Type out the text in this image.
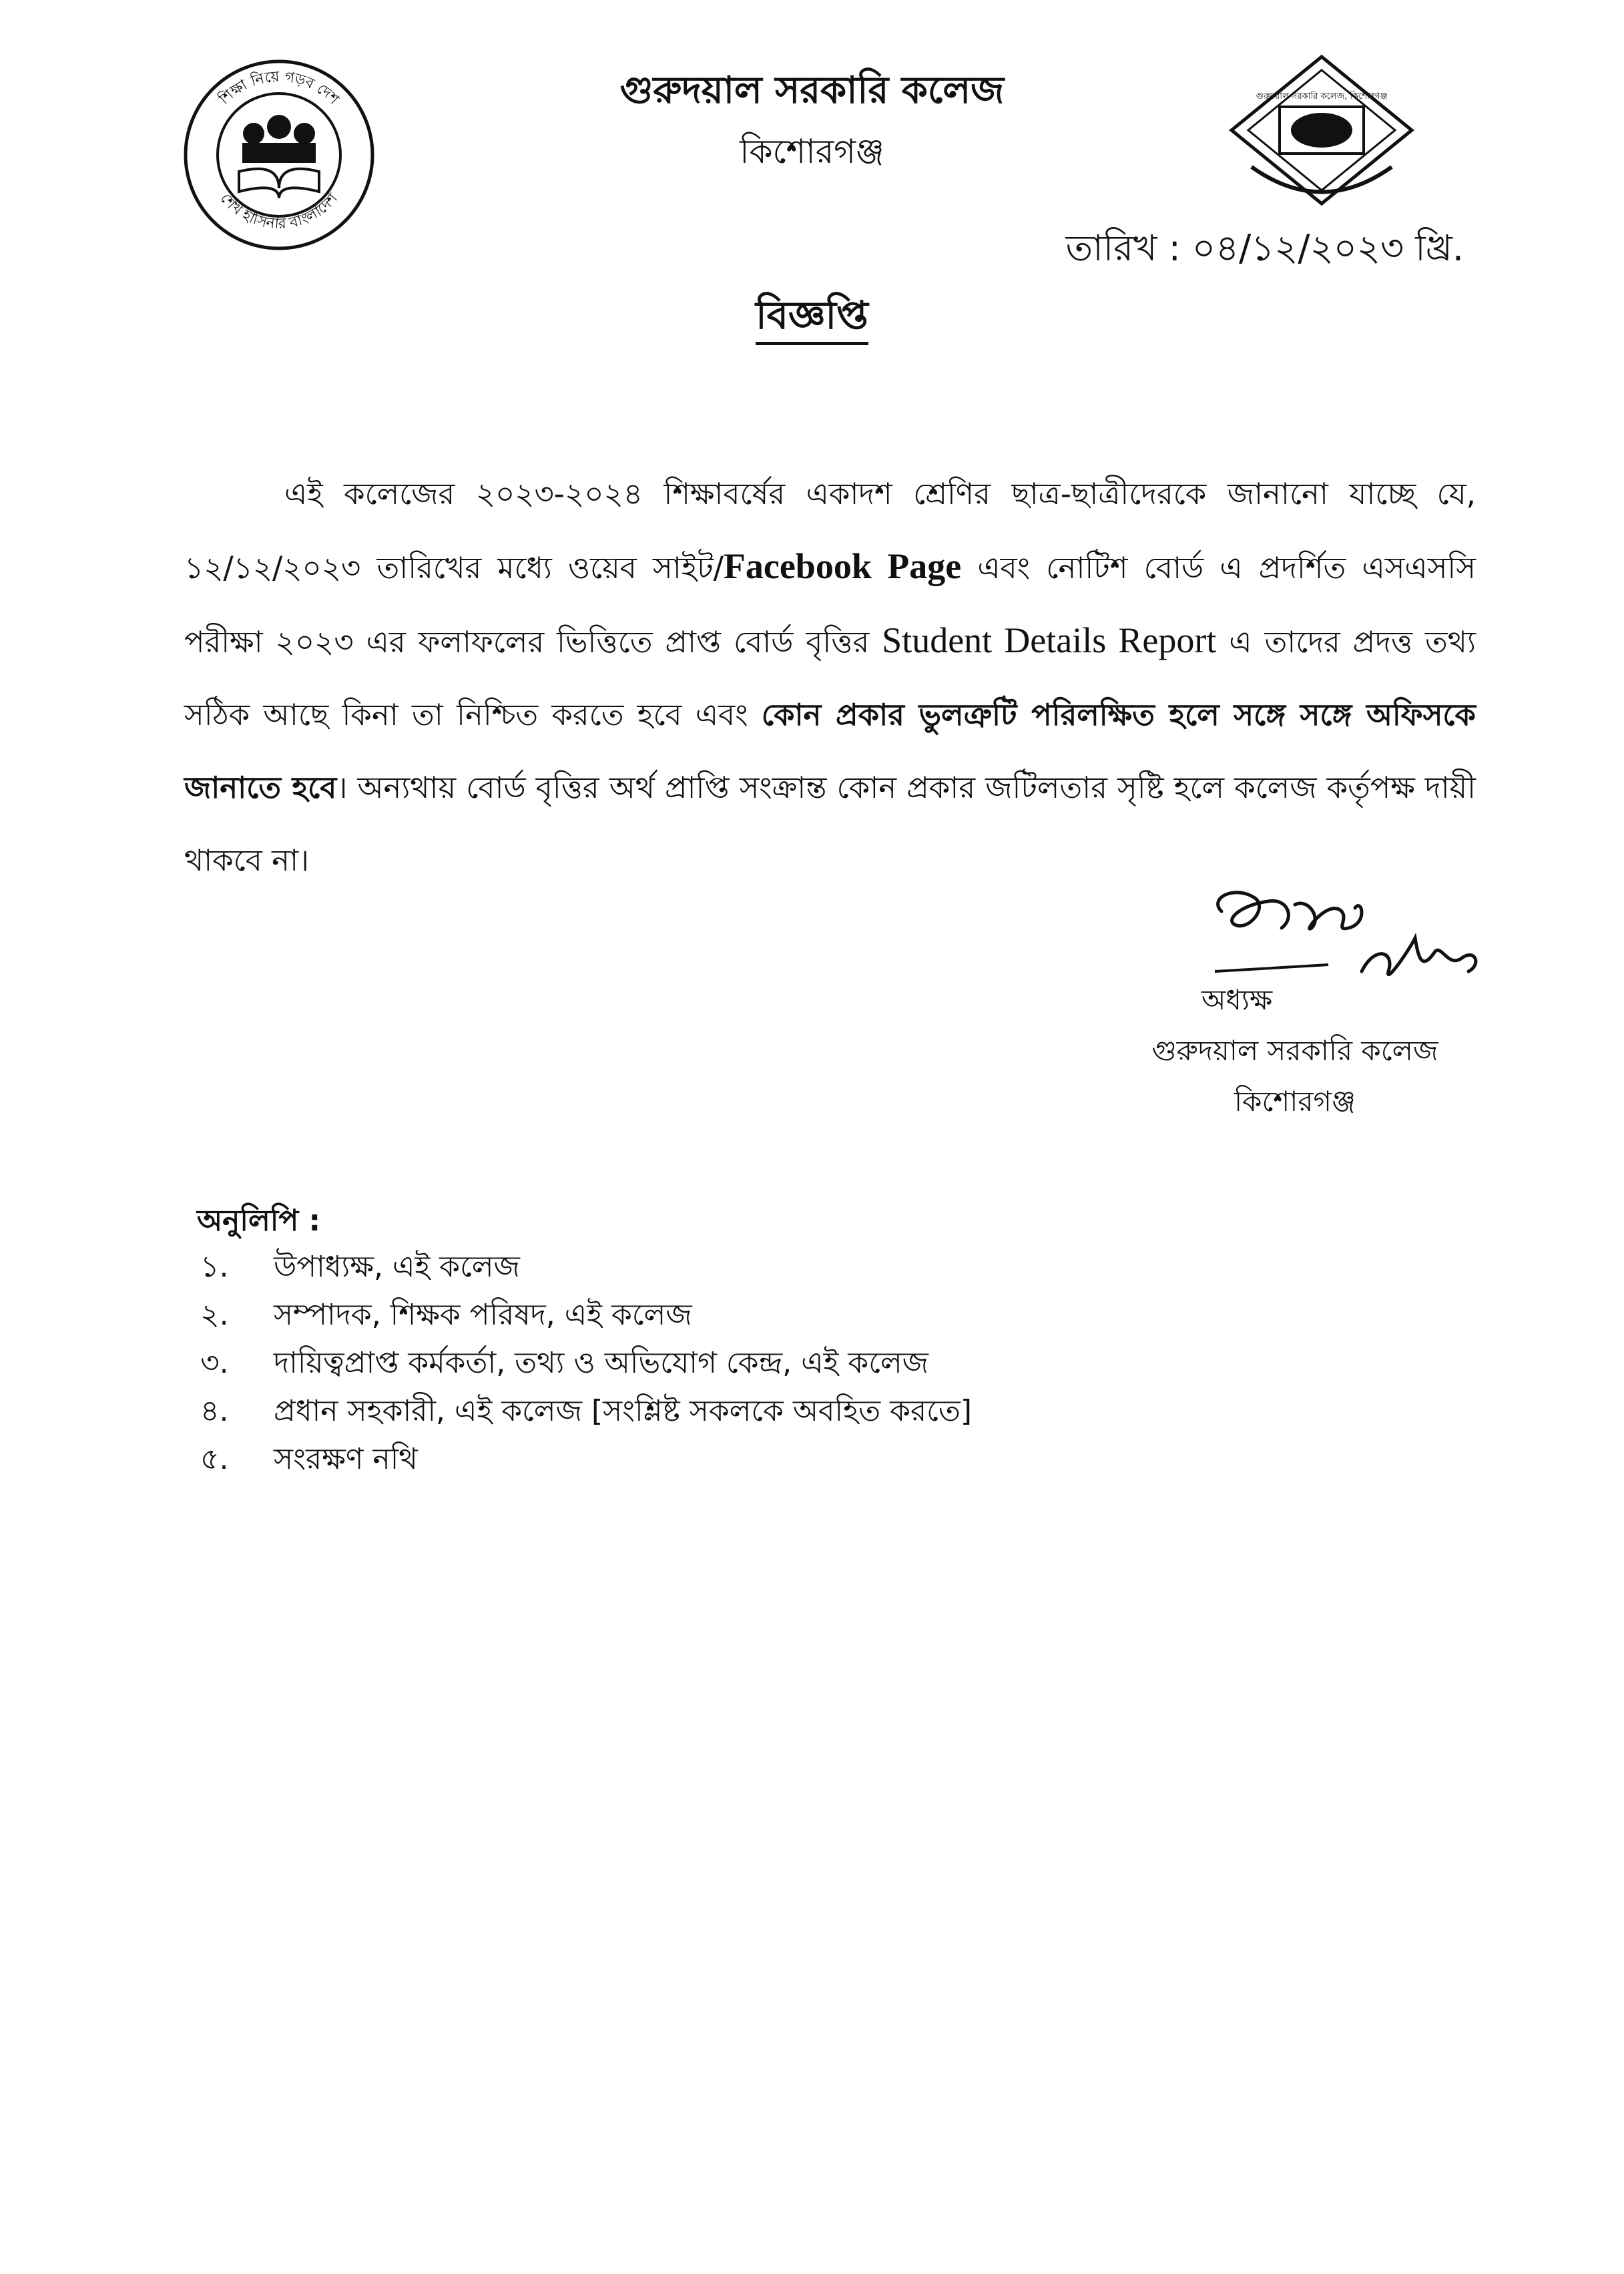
শিক্ষা নিয়ে গড়ব দেশ
শেখ হাসিনার বাংলাদেশ
গুরুদয়াল সরকারি কলেজ
কিশোরগঞ্জ
গুরুদয়াল সরকারি কলেজ, কিশোরগঞ্জ
তারিখ : ০৪/১২/২০২৩ খ্রি.
বিজ্ঞপ্তি
এই কলেজের ২০২৩-২০২৪ শিক্ষাবর্ষের একাদশ শ্রেণির ছাত্র-ছাত্রীদেরকে জানানো যাচ্ছে যে, ১২/১২/২০২৩ তারিখের মধ্যে ওয়েব সাইট/Facebook Page এবং নোটিশ বোর্ড এ প্রদর্শিত এসএসসি পরীক্ষা ২০২৩ এর ফলাফলের ভিত্তিতে প্রাপ্ত বোর্ড বৃত্তির Student Details Report এ তাদের প্রদত্ত তথ্য সঠিক আছে কিনা তা নিশ্চিত করতে হবে এবং কোন প্রকার ভুলত্রুটি পরিলক্ষিত হলে সঙ্গে সঙ্গে অফিসকে জানাতে হবে। অন্যথায় বোর্ড বৃত্তির অর্থ প্রাপ্তি সংক্রান্ত কোন প্রকার জটিলতার সৃষ্টি হলে কলেজ কর্তৃপক্ষ দায়ী থাকবে না।
অধ্যক্ষ
গুরুদয়াল সরকারি কলেজ
কিশোরগঞ্জ
অনুলিপি :
১.	উপাধ্যক্ষ, এই কলেজ
২.	সম্পাদক, শিক্ষক পরিষদ, এই কলেজ
৩.	দায়িত্বপ্রাপ্ত কর্মকর্তা, তথ্য ও অভিযোগ কেন্দ্র, এই কলেজ
৪.	প্রধান সহকারী, এই কলেজ [সংশ্লিষ্ট সকলকে অবহিত করতে]
৫.	সংরক্ষণ নথি
